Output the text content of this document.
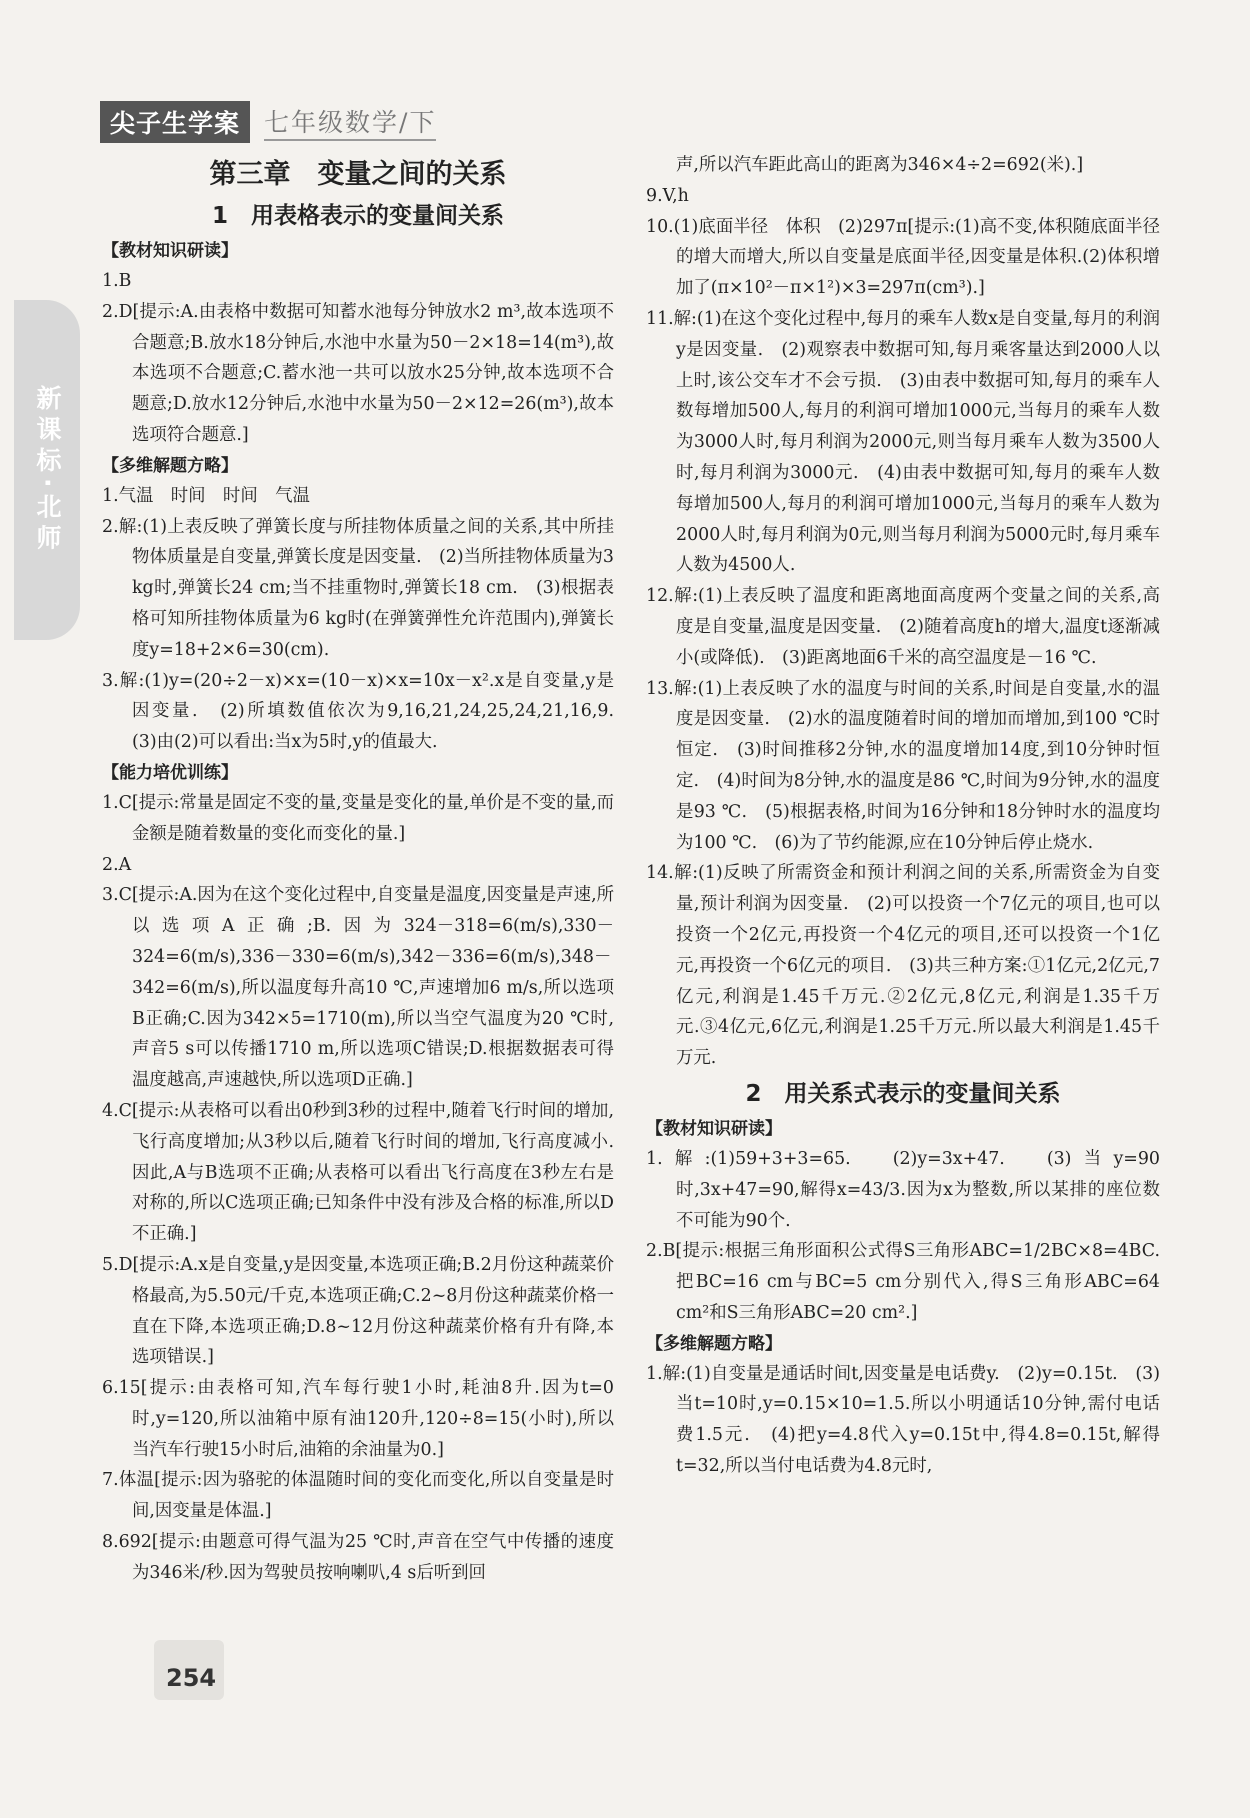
尖子生学案 七年级数学/下
新课标·北师
第三章　变量之间的关系
1　用表格表示的变量间关系
【教材知识研读】
1.B
2.D[提示:A.由表格中数据可知蓄水池每分钟放水2 m³,故本选项不合题意;B.放水18分钟后,水池中水量为50－2×18=14(m³),故本选项不合题意;C.蓄水池一共可以放水25分钟,故本选项不合题意;D.放水12分钟后,水池中水量为50－2×12=26(m³),故本选项符合题意.]
【多维解题方略】
1.气温　时间　时间　气温
2.解:(1)上表反映了弹簧长度与所挂物体质量之间的关系,其中所挂物体质量是自变量,弹簧长度是因变量.　(2)当所挂物体质量为3 kg时,弹簧长24 cm;当不挂重物时,弹簧长18 cm.　(3)根据表格可知所挂物体质量为6 kg时(在弹簧弹性允许范围内),弹簧长度y=18+2×6=30(cm).
3.解:(1)y=(20÷2－x)×x=(10－x)×x=10x－x².x是自变量,y是因变量.　(2)所填数值依次为9,16,21,24,25,24,21,16,9.　(3)由(2)可以看出:当x为5时,y的值最大.
【能力培优训练】
1.C[提示:常量是固定不变的量,变量是变化的量,单价是不变的量,而金额是随着数量的变化而变化的量.]
2.A
3.C[提示:A.因为在这个变化过程中,自变量是温度,因变量是声速,所以选项A正确;B.因为324－318=6(m/s),330－324=6(m/s),336－330=6(m/s),342－336=6(m/s),348－342=6(m/s),所以温度每升高10 ℃,声速增加6 m/s,所以选项B正确;C.因为342×5=1710(m),所以当空气温度为20 ℃时,声音5 s可以传播1710 m,所以选项C错误;D.根据数据表可得温度越高,声速越快,所以选项D正确.]
4.C[提示:从表格可以看出0秒到3秒的过程中,随着飞行时间的增加,飞行高度增加;从3秒以后,随着飞行时间的增加,飞行高度减小.因此,A与B选项不正确;从表格可以看出飞行高度在3秒左右是对称的,所以C选项正确;已知条件中没有涉及合格的标准,所以D不正确.]
5.D[提示:A.x是自变量,y是因变量,本选项正确;B.2月份这种蔬菜价格最高,为5.50元/千克,本选项正确;C.2~8月份这种蔬菜价格一直在下降,本选项正确;D.8~12月份这种蔬菜价格有升有降,本选项错误.]
6.15[提示:由表格可知,汽车每行驶1小时,耗油8升.因为t=0时,y=120,所以油箱中原有油120升,120÷8=15(小时),所以当汽车行驶15小时后,油箱的余油量为0.]
7.体温[提示:因为骆驼的体温随时间的变化而变化,所以自变量是时间,因变量是体温.]
8.692[提示:由题意可得气温为25 ℃时,声音在空气中传播的速度为346米/秒.因为驾驶员按响喇叭,4 s后听到回
声,所以汽车距此高山的距离为346×4÷2=692(米).]
9.V,h
10.(1)底面半径　体积　(2)297π[提示:(1)高不变,体积随底面半径的增大而增大,所以自变量是底面半径,因变量是体积.(2)体积增加了(π×10²－π×1²)×3=297π(cm³).]
11.解:(1)在这个变化过程中,每月的乘车人数x是自变量,每月的利润y是因变量.　(2)观察表中数据可知,每月乘客量达到2000人以上时,该公交车才不会亏损.　(3)由表中数据可知,每月的乘车人数每增加500人,每月的利润可增加1000元,当每月的乘车人数为3000人时,每月利润为2000元,则当每月乘车人数为3500人时,每月利润为3000元.　(4)由表中数据可知,每月的乘车人数每增加500人,每月的利润可增加1000元,当每月的乘车人数为2000人时,每月利润为0元,则当每月利润为5000元时,每月乘车人数为4500人.
12.解:(1)上表反映了温度和距离地面高度两个变量之间的关系,高度是自变量,温度是因变量.　(2)随着高度h的增大,温度t逐渐减小(或降低).　(3)距离地面6千米的高空温度是－16 ℃.
13.解:(1)上表反映了水的温度与时间的关系,时间是自变量,水的温度是因变量.　(2)水的温度随着时间的增加而增加,到100 ℃时恒定.　(3)时间推移2分钟,水的温度增加14度,到10分钟时恒定.　(4)时间为8分钟,水的温度是86 ℃,时间为9分钟,水的温度是93 ℃.　(5)根据表格,时间为16分钟和18分钟时水的温度均为100 ℃.　(6)为了节约能源,应在10分钟后停止烧水.
14.解:(1)反映了所需资金和预计利润之间的关系,所需资金为自变量,预计利润为因变量.　(2)可以投资一个7亿元的项目,也可以投资一个2亿元,再投资一个4亿元的项目,还可以投资一个1亿元,再投资一个6亿元的项目.　(3)共三种方案:①1亿元,2亿元,7亿元,利润是1.45千万元.②2亿元,8亿元,利润是1.35千万元.③4亿元,6亿元,利润是1.25千万元.所以最大利润是1.45千万元.
2　用关系式表示的变量间关系
【教材知识研读】
1.解:(1)59+3+3=65.　(2)y=3x+47.　(3)当y=90时,3x+47=90,解得x=43/3.因为x为整数,所以某排的座位数不可能为90个.
2.B[提示:根据三角形面积公式得S三角形ABC=1/2BC×8=4BC.把BC=16 cm与BC=5 cm分别代入,得S三角形ABC=64 cm²和S三角形ABC=20 cm².]
【多维解题方略】
1.解:(1)自变量是通话时间t,因变量是电话费y.　(2)y=0.15t.　(3)当t=10时,y=0.15×10=1.5.所以小明通话10分钟,需付电话费1.5元.　(4)把y=4.8代入y=0.15t中,得4.8=0.15t,解得t=32,所以当付电话费为4.8元时,
254
